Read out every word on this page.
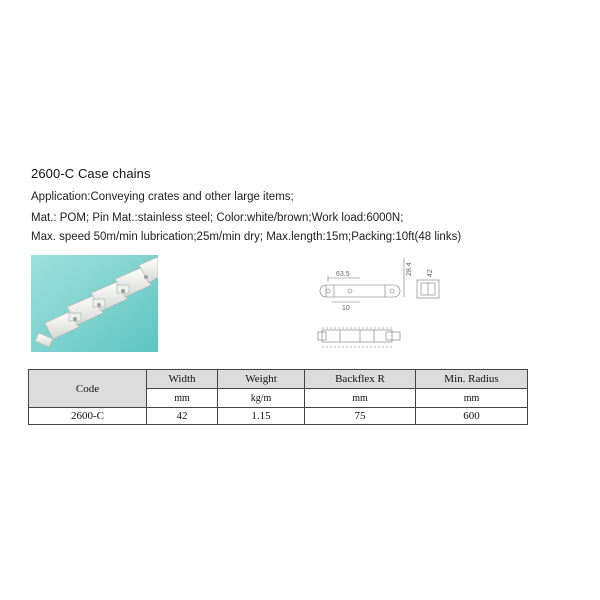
2600-C Case chains
Application:Conveying crates and other large items;
Mat.: POM; Pin Mat.:stainless steel; Color:white/brown;Work load:6000N;
Max. speed 50m/min lubrication;25m/min dry; Max.length:15m;Packing:10ft(48 links)
63.5
10
28.4 42
Code	Width	Weight	Backflex R	Min. Radius
	mm	kg/m	mm	mm
2600-C	42	1.15	75	600
